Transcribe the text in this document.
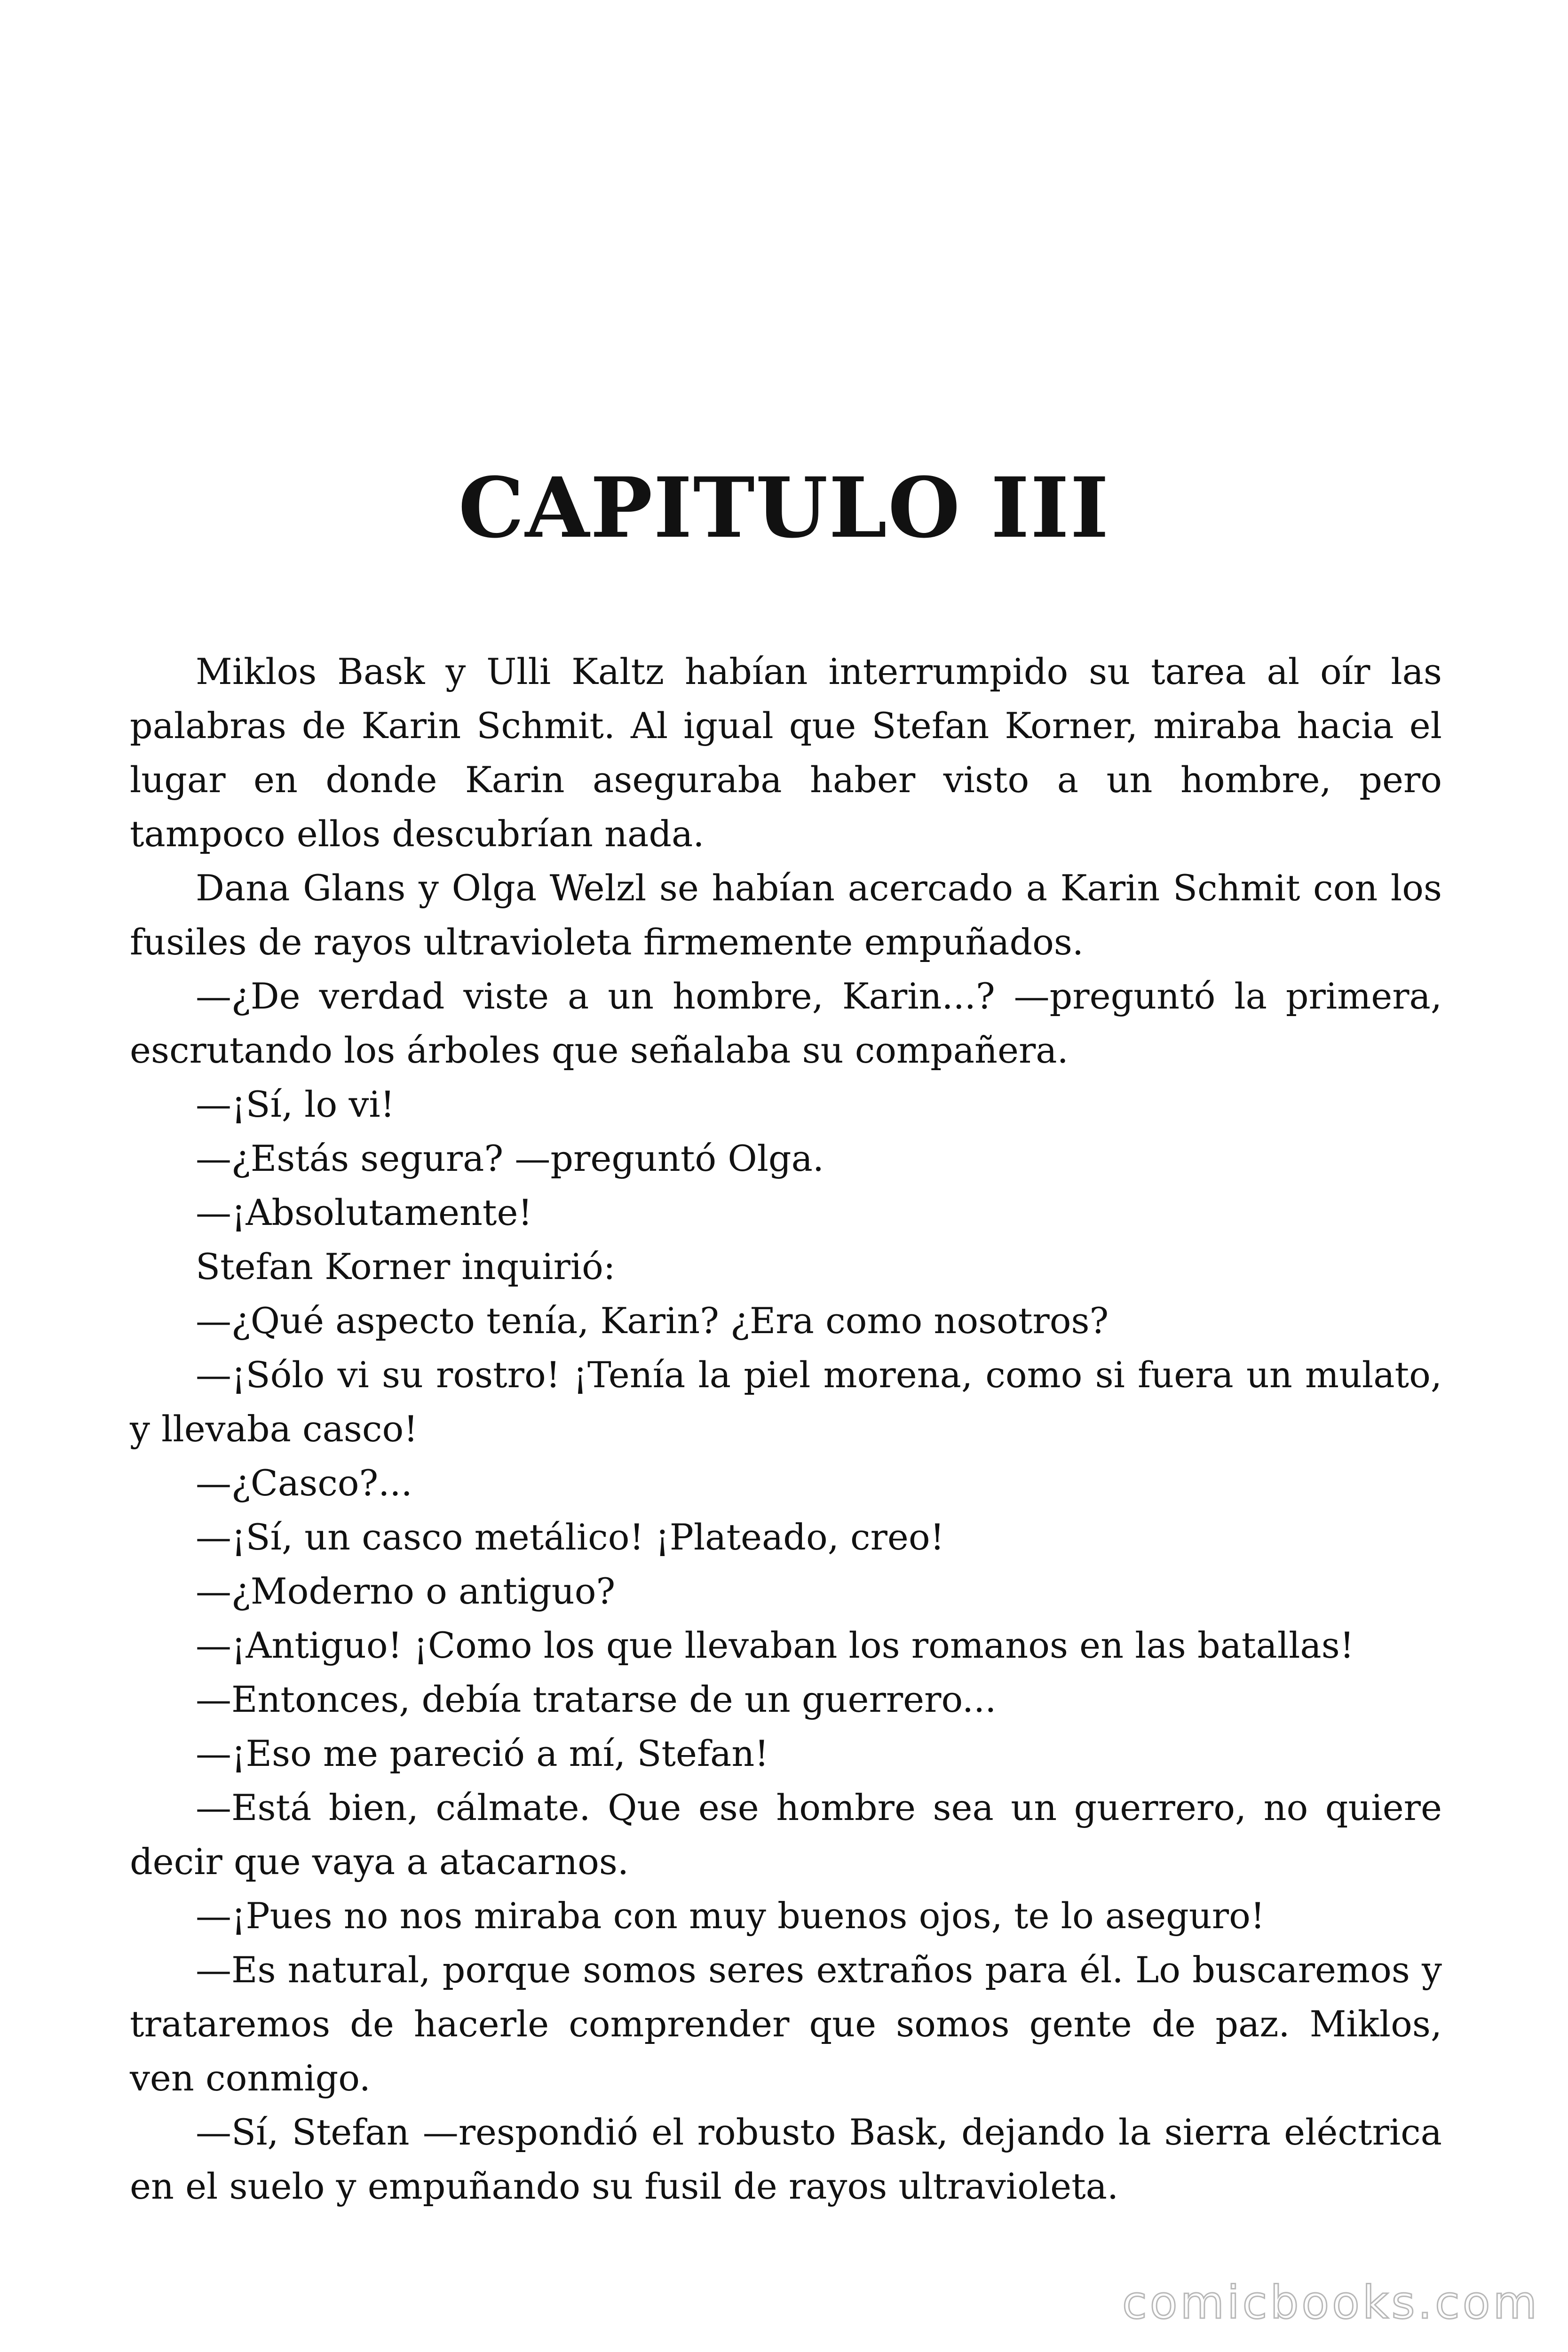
CAPITULO III

Miklos Bask y Ulli Kaltz habían interrumpido su tarea al oír las palabras de Karin Schmit. Al igual que Stefan Korner, miraba hacia el lugar en donde Karin aseguraba haber visto a un hombre, pero tampoco ellos descubrían nada.

Dana Glans y Olga Welzl se habían acercado a Karin Schmit con los fusiles de rayos ultravioleta firmemente empuñados.

—¿De verdad viste a un hombre, Karin...? —preguntó la primera, escrutando los árboles que señalaba su compañera.

—¡Sí, lo vi!

—¿Estás segura? —preguntó Olga.

—¡Absolutamente!

Stefan Korner inquirió:

—¿Qué aspecto tenía, Karin? ¿Era como nosotros?

—¡Sólo vi su rostro! ¡Tenía la piel morena, como si fuera un mulato, y llevaba casco!

—¿Casco?...

—¡Sí, un casco metálico! ¡Plateado, creo!

—¿Moderno o antiguo?

—¡Antiguo! ¡Como los que llevaban los romanos en las batallas!

—Entonces, debía tratarse de un guerrero...

—¡Eso me pareció a mí, Stefan!

—Está bien, cálmate. Que ese hombre sea un guerrero, no quiere decir que vaya a atacarnos.

—¡Pues no nos miraba con muy buenos ojos, te lo aseguro!

—Es natural, porque somos seres extraños para él. Lo buscaremos y trataremos de hacerle comprender que somos gente de paz. Miklos, ven conmigo.

—Sí, Stefan —respondió el robusto Bask, dejando la sierra eléctrica en el suelo y empuñando su fusil de rayos ultravioleta.

comicbooks.com
